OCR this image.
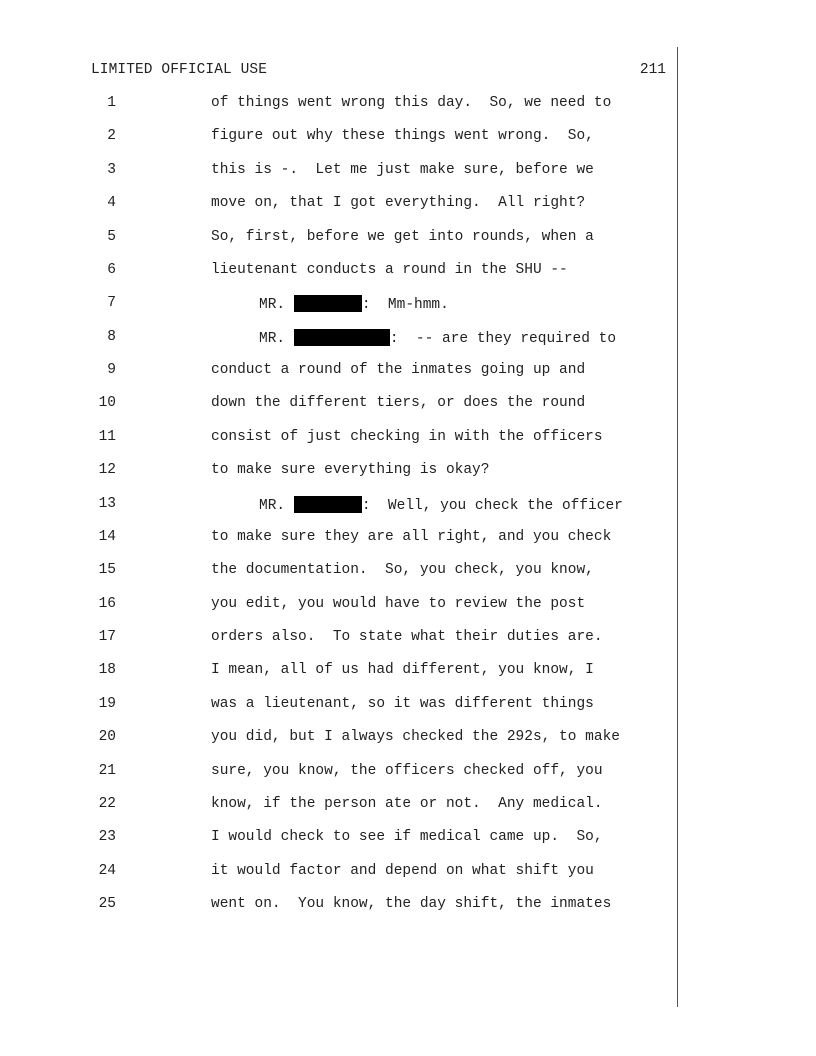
LIMITED OFFICIAL USE	211
1	of things went wrong this day.  So, we need to
2	figure out why these things went wrong.  So,
3	this is -.  Let me just make sure, before we
4	move on, that I got everything.  All right?
5	So, first, before we get into rounds, when a
6	lieutenant conducts a round in the SHU --
7	MR.	:  Mm-hmm.
8	MR.	:  -- are they required to
9	conduct a round of the inmates going up and
10	down the different tiers, or does the round
11	consist of just checking in with the officers
12	to make sure everything is okay?
13	MR.	:  Well, you check the officer
14	to make sure they are all right, and you check
15	the documentation.  So, you check, you know,
16	you edit, you would have to review the post
17	orders also.  To state what their duties are.
18	I mean, all of us had different, you know, I
19	was a lieutenant, so it was different things
20	you did, but I always checked the 292s, to make
21	sure, you know, the officers checked off, you
22	know, if the person ate or not.  Any medical.
23	I would check to see if medical came up.  So,
24	it would factor and depend on what shift you
25	went on.  You know, the day shift, the inmates
